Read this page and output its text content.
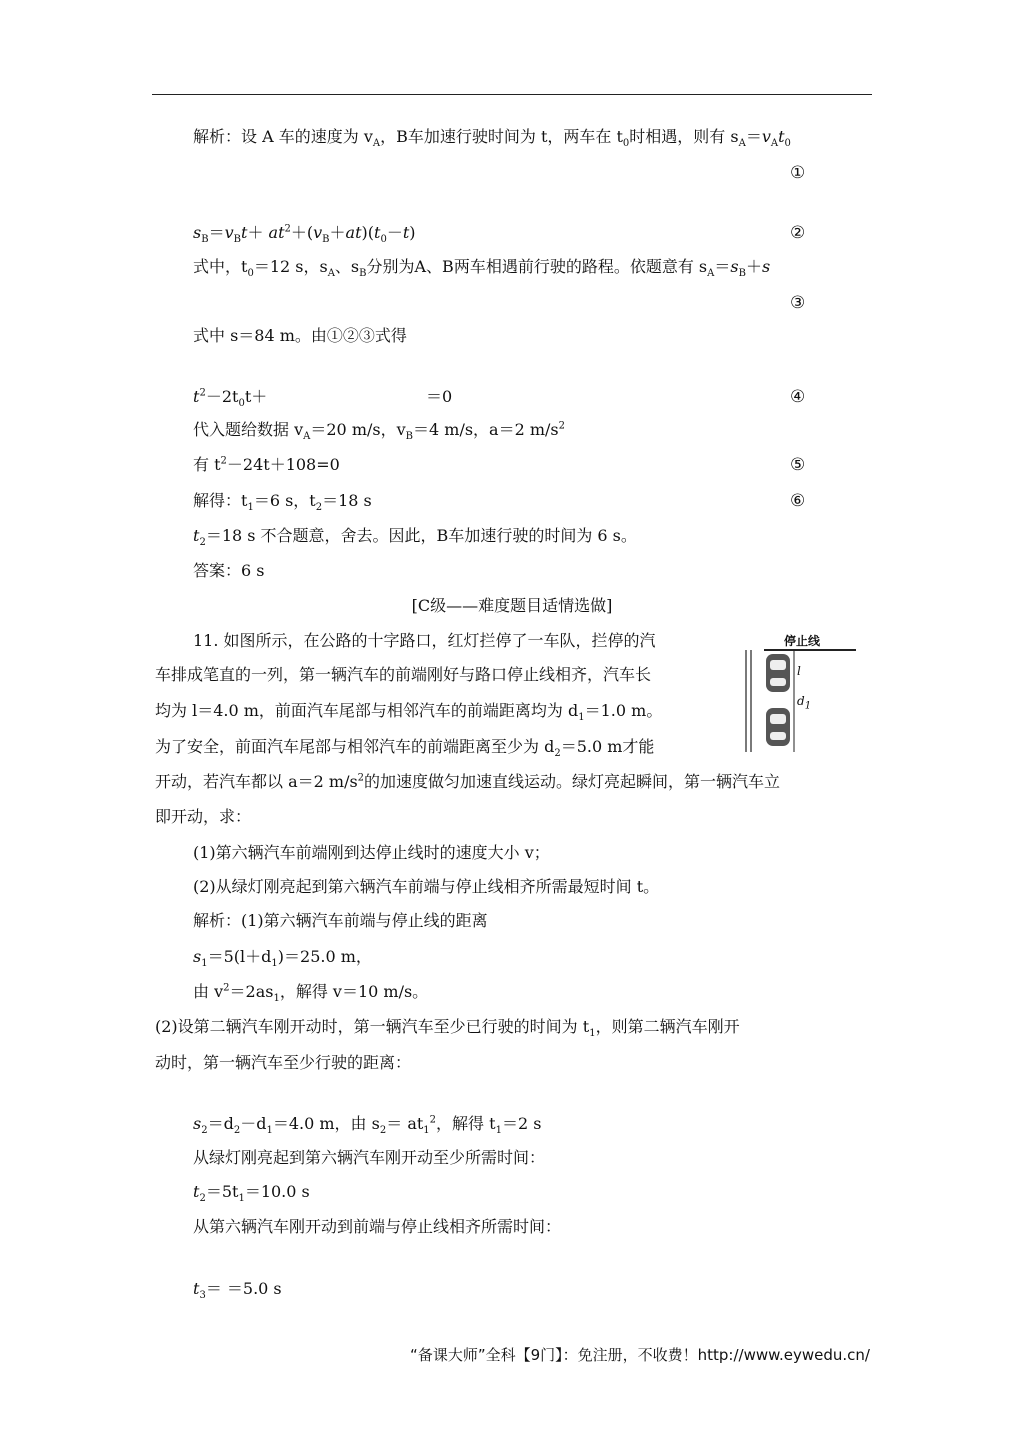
解析：设 A 车的速度为 $v_A$，B车加速行驶时间为 t，两车在 $t_0$时相遇，则有 $s_A=v_At_0$
①
$s_B=v_Bt+ at^2+(v_B+at)(t_0-t)$	②
式中，$t_0=12$ s，$s_A$、$s_B$分别为A、B两车相遇前行驶的路程。依题意有 $s_A=s_B+s$
③
式中 s＝84 m。由①②③式得
$t^2-2t_0t+$	＝0	④
代入题给数据 $v_A=20$ m/s，$v_B=4$ m/s，a＝2 $m/s^2$
有 $t^2-24t+108=0$	⑤
解得：$t_1=6$ s，$t_2=18$ s	⑥
$t_2=18$ s 不合题意，舍去。因此，B车加速行驶的时间为 6 s。
答案：6 s
[C级——难度题目适情选做]
11. 如图所示，在公路的十字路口，红灯拦停了一车队，拦停的汽
车排成笔直的一列，第一辆汽车的前端刚好与路口停止线相齐，汽车长
均为 l＝4.0 m，前面汽车尾部与相邻汽车的前端距离均为 $d_1=1.0$ m。
为了安全，前面汽车尾部与相邻汽车的前端距离至少为 $d_2=5.0$ m才能
开动，若汽车都以 a＝2 $m/s^2$的加速度做匀加速直线运动。绿灯亮起瞬间，第一辆汽车立
即开动，求：
(1)第六辆汽车前端刚到达停止线时的速度大小 v；
(2)从绿灯刚亮起到第六辆汽车前端与停止线相齐所需最短时间 t。
解析：(1)第六辆汽车前端与停止线的距离
$s_1=5(l+d_1)=25.0$ m，
由 $v^2=2as_1$，解得 v＝10 m/s。
(2)设第二辆汽车刚开动时，第一辆汽车至少已行驶的时间为 $t_1$，则第二辆汽车刚开
动时，第一辆汽车至少行驶的距离：
$s_2=d_2-d_1=4.0$ m，由 $s_2= at_1^2$，解得 $t_1=2$ s
从绿灯刚亮起到第六辆汽车刚开动至少所需时间：
$t_2=5t_1=10.0$ s
从第六辆汽车刚开动到前端与停止线相齐所需时间：
$t_3= =5.0$ s
停止线
l
$d_1$
“备课大师”全科【9门】：免注册，不收费！http://www.eywedu.cn/
